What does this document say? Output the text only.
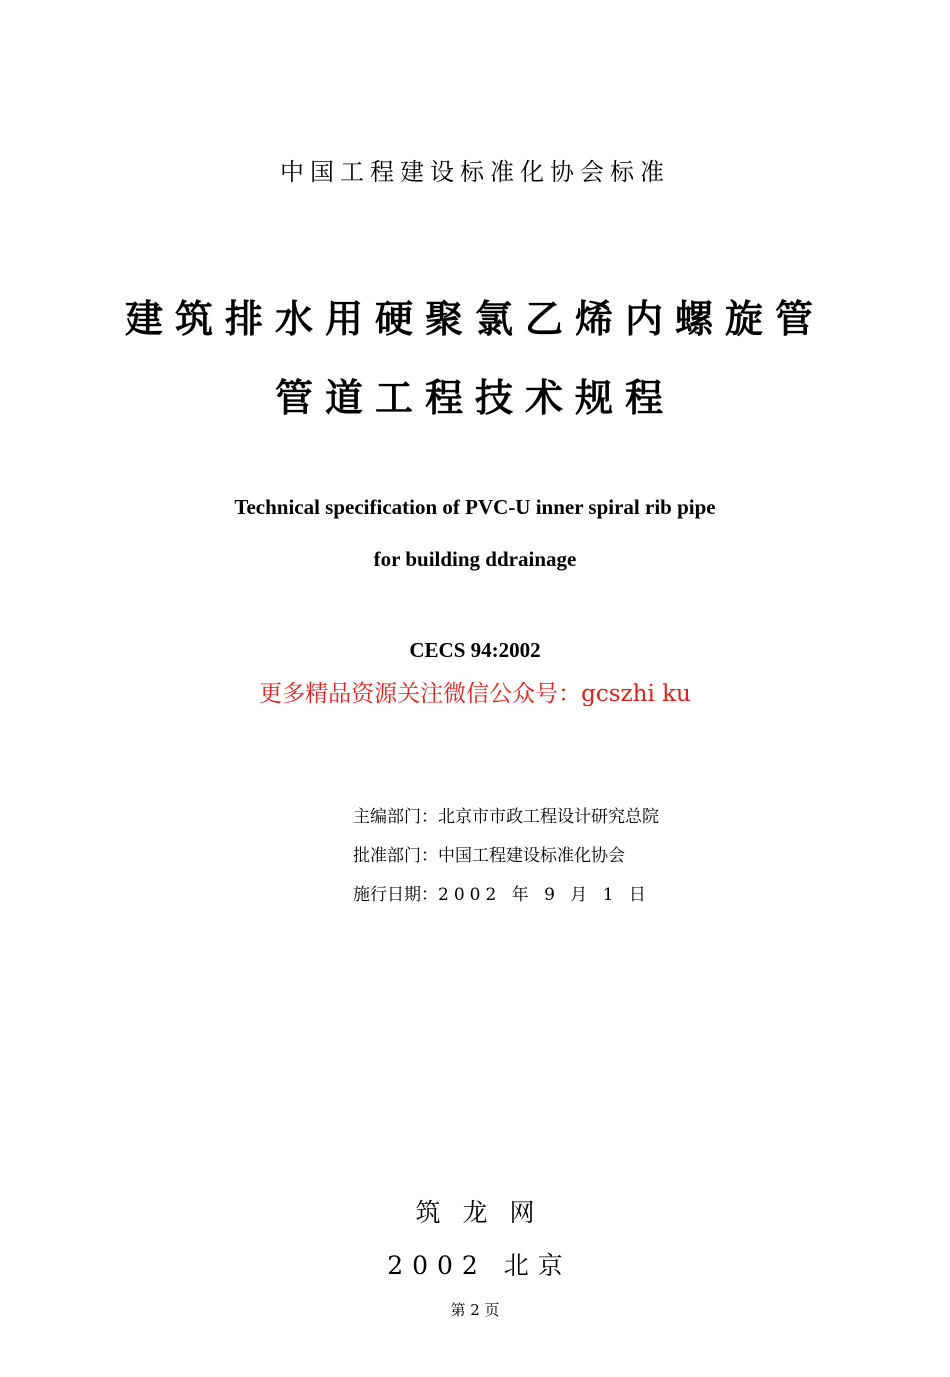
中国工程建设标准化协会标准
建筑排水用硬聚氯乙烯内螺旋管
管道工程技术规程
Technical specification of PVC-U inner spiral rib pipe
for building ddrainage
CECS 94:2002
更多精品资源关注微信公众号：gcszhi ku
主编部门：北京市市政工程设计研究总院
批准部门：中国工程建设标准化协会
施行日期：2002 年 9 月 1 日
筑龙网
2002 北京
第 2 页
